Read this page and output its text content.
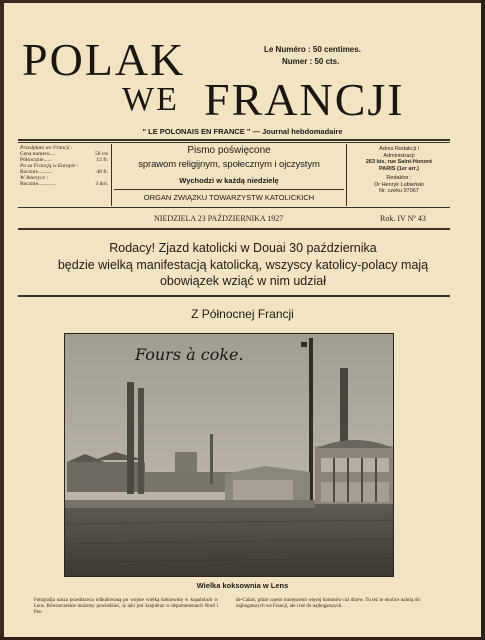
POLAK
WE FRANCJI
Le Numéro : 50 centimes.
Numer : 50 cts.
" LE POLONAIS EN FRANCE " — Journal hebdomadaire
Przedpłata we Francji :
Cena numeru....	50 cts
Półrocznie......	12 fr.
Po za Francją w Europie :
Rocznie..........	48 fr.
W Ameryce :
Rocznie.............	3 dol.
Pismo poświęcone
sprawom religijnym, społecznym i ojczystym
Wychodzi w każdą niedzielę
ORGAN ZWIĄZKU TOWARZYSTW KATOLICKICH
Adres Redakcji i
Administracji
263 bis, rue Saint-Honoré
PARIS (1er arr.)
Redaktor :
Dr Henryk Lubieński
Nr. czeku 97067
NIEDZIELA 23 PAŹDZIERNIKA 1927	Rok. IV Nº 43
Rodacy! Zjazd katolicki w Douai 30 października
będzie wielką manifestacją katolicką, wszyscy katolicy-polacy mają
obowiązek wziąć w nim udział
Z Północnej Francji
Fours à coke.
Wielka koksownia w Lens
Fotografja nasza przedstawia odbudowaną po wojnie wielką koksownię w kopalniach w Lens. Równocześnie możemy powiedzieć, iż taki jest krajobraz w departamentach Nord i Pas-
de-Calais, gdzie często mniejszemi więcej kominów niż drzew. Tu też te okolice należą do najbogatszych we Francji, ale i też do najbogatszych.
